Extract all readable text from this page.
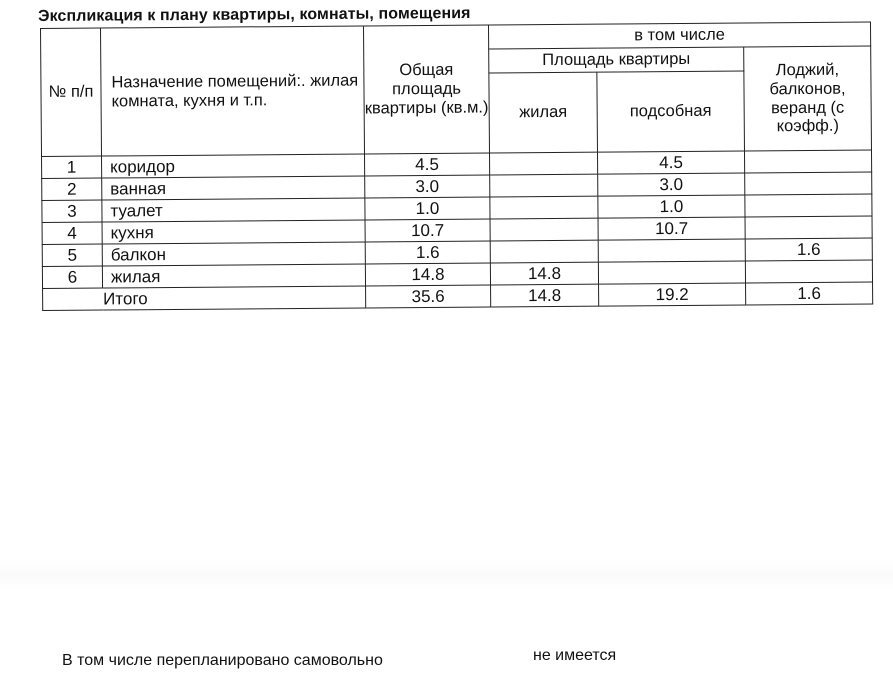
Экспликация к плану квартиры, комнаты, помещения
№ п/п	Назначение помещений:. жилая комната, кухня и т.п.	Общая площадь квартиры (кв.м.)	в том числе		
			Площадь квартиры		Лоджий, балконов, веранд (с коэфф.)
			жилая	подсобная	
1	коридор	4.5		4.5	
2	ванная	3.0		3.0	
3	туалет	1.0		1.0	
4	кухня	10.7		10.7	
5	балкон	1.6			1.6
6	жилая	14.8	14.8		
Итого		35.6	14.8	19.2	1.6
В том числе перепланировано самовольно	не имеется
